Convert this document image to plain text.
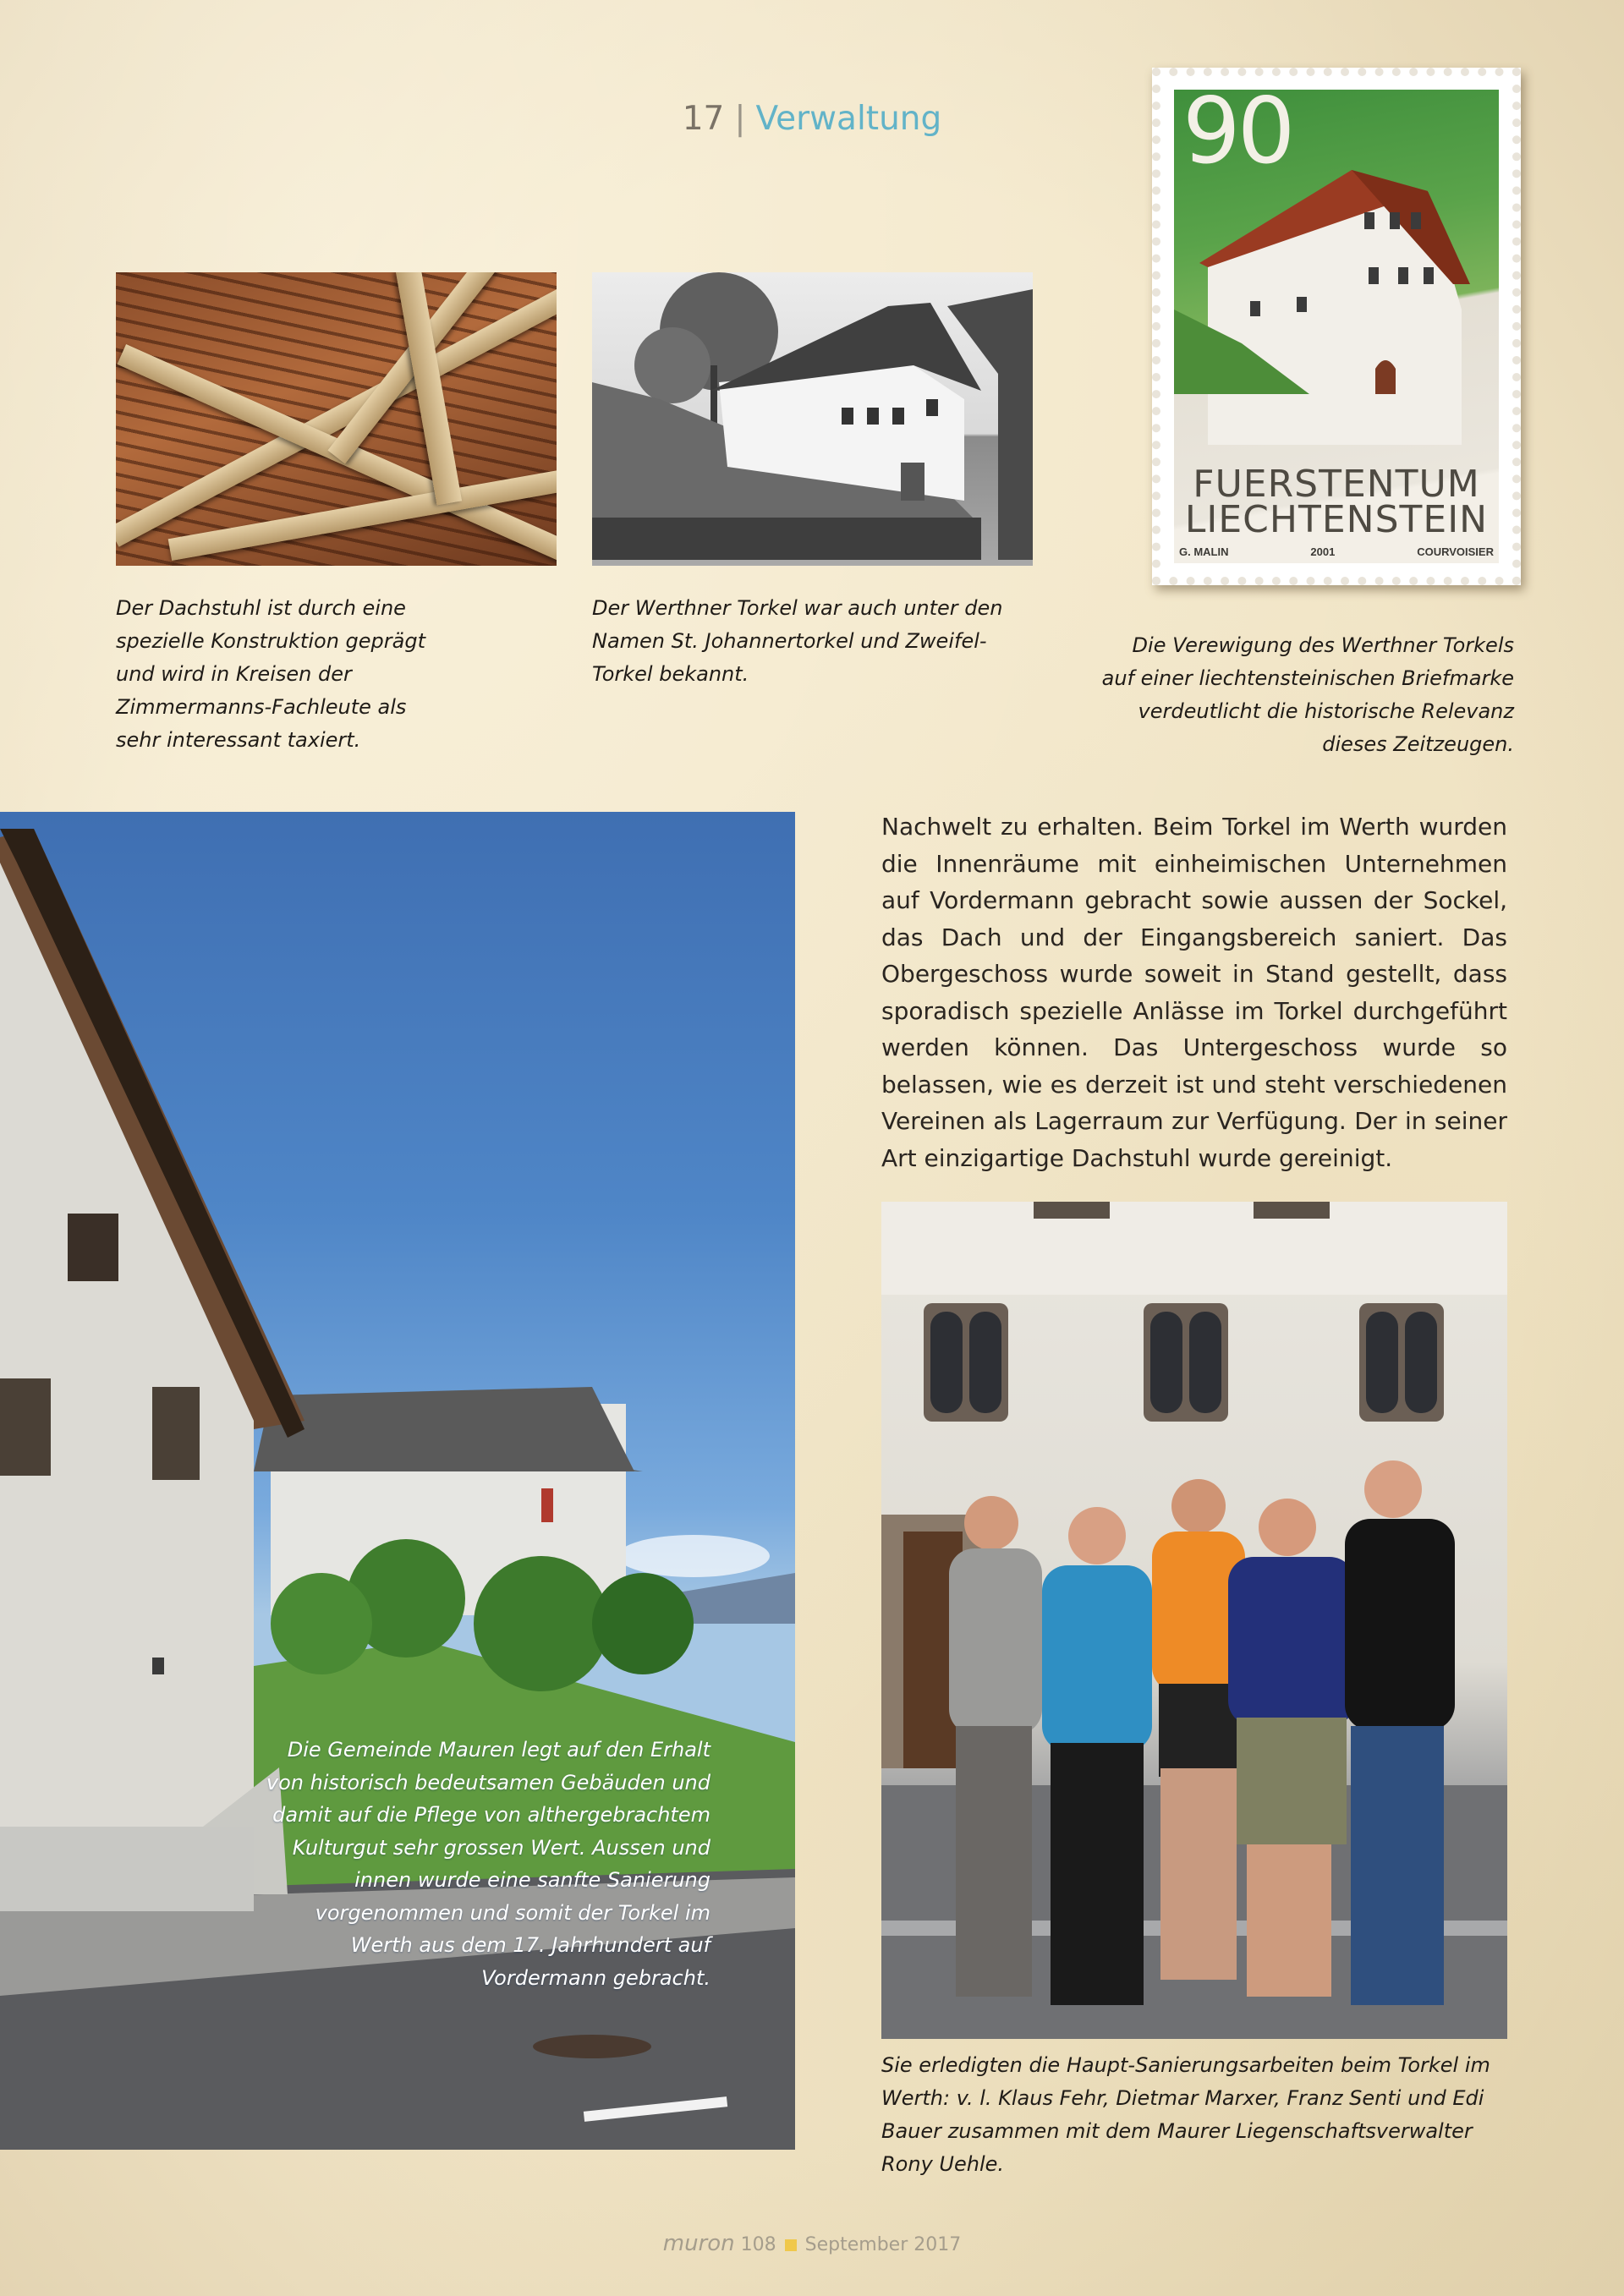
17 | Verwaltung	90
FUERSTENTUM
LIECHTENSTEIN
G. MALIN	2001	COURVOISIER

Der Dachstuhl ist durch eine spezielle Konstruktion geprägt und wird in Kreisen der Zimmermanns-Fachleute als sehr interessant taxiert.

Der Werthner Torkel war auch unter den Namen St. Johannertorkel und Zweifel-Torkel bekannt.

Die Verewigung des Werthner Torkels auf einer liechtensteinischen Briefmarke verdeutlicht die historische Relevanz dieses Zeitzeugen.

Die Gemeinde Mauren legt auf den Erhalt von historisch bedeutsamen Gebäuden und damit auf die Pflege von althergebrachtem Kulturgut sehr grossen Wert. Aussen und innen wurde eine sanfte Sanierung vorgenommen und somit der Torkel im Werth aus dem 17. Jahrhundert auf Vordermann gebracht.

Nachwelt zu erhalten. Beim Torkel im Werth wurden die Innenräume mit einheimischen Unternehmen auf Vordermann gebracht sowie aussen der Sockel, das Dach und der Eingangsbereich saniert. Das Obergeschoss wurde soweit in Stand gestellt, dass sporadisch spezielle Anlässe im Torkel durchgeführt werden können. Das Untergeschoss wurde so belassen, wie es derzeit ist und steht verschiedenen Vereinen als Lagerraum zur Verfügung. Der in seiner Art einzigartige Dachstuhl wurde gereinigt.

Sie erledigten die Haupt-Sanierungsarbeiten beim Torkel im Werth: v. l. Klaus Fehr, Dietmar Marxer, Franz Senti und Edi Bauer zusammen mit dem Maurer Liegenschaftsverwalter Rony Uehle.

muron 108 September 2017
